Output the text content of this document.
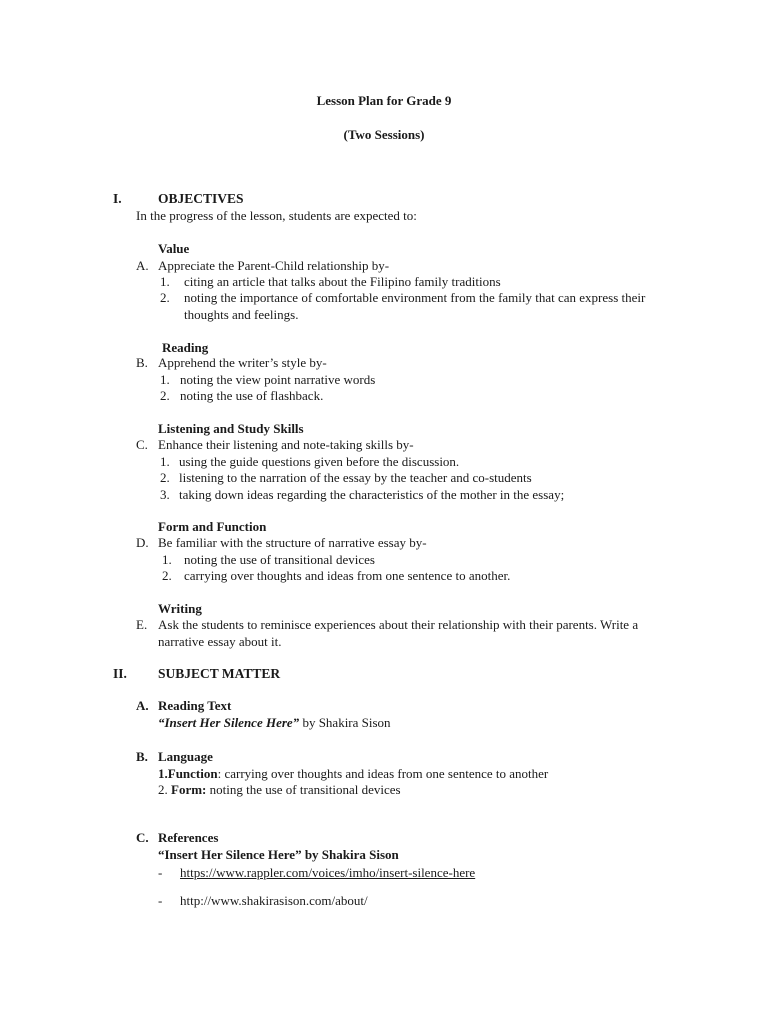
Lesson Plan for Grade 9
(Two Sessions)
I.	OBJECTIVES
In the progress of the lesson, students are expected to:
Value
A. Appreciate the Parent-Child relationship by-
1. citing an article that talks about the Filipino family traditions
2. noting the importance of comfortable environment from the family that can express their
thoughts and feelings.
Reading
B. Apprehend the writer’s style by-
1. noting the view point narrative words
2. noting the use of flashback.
Listening and Study Skills
C. Enhance their listening and note-taking skills by-
1. using the guide questions given before the discussion.
2. listening to the narration of the essay by the teacher and co-students
3. taking down ideas regarding the characteristics of the mother in the essay;
Form and Function
D. Be familiar with the structure of narrative essay by-
1. noting the use of transitional devices
2. carrying over thoughts and ideas from one sentence to another.
Writing
E. Ask the students to reminisce experiences about their relationship with their parents. Write a
narrative essay about it.
II. SUBJECT MATTER
A. Reading Text
“Insert Her Silence Here” by Shakira Sison
B. Language
1.Function: carrying over thoughts and ideas from one sentence to another
2. Form: noting the use of transitional devices
C. References
“Insert Her Silence Here” by Shakira Sison
- https://www.rappler.com/voices/imho/insert-silence-here
- http://www.shakirasison.com/about/
